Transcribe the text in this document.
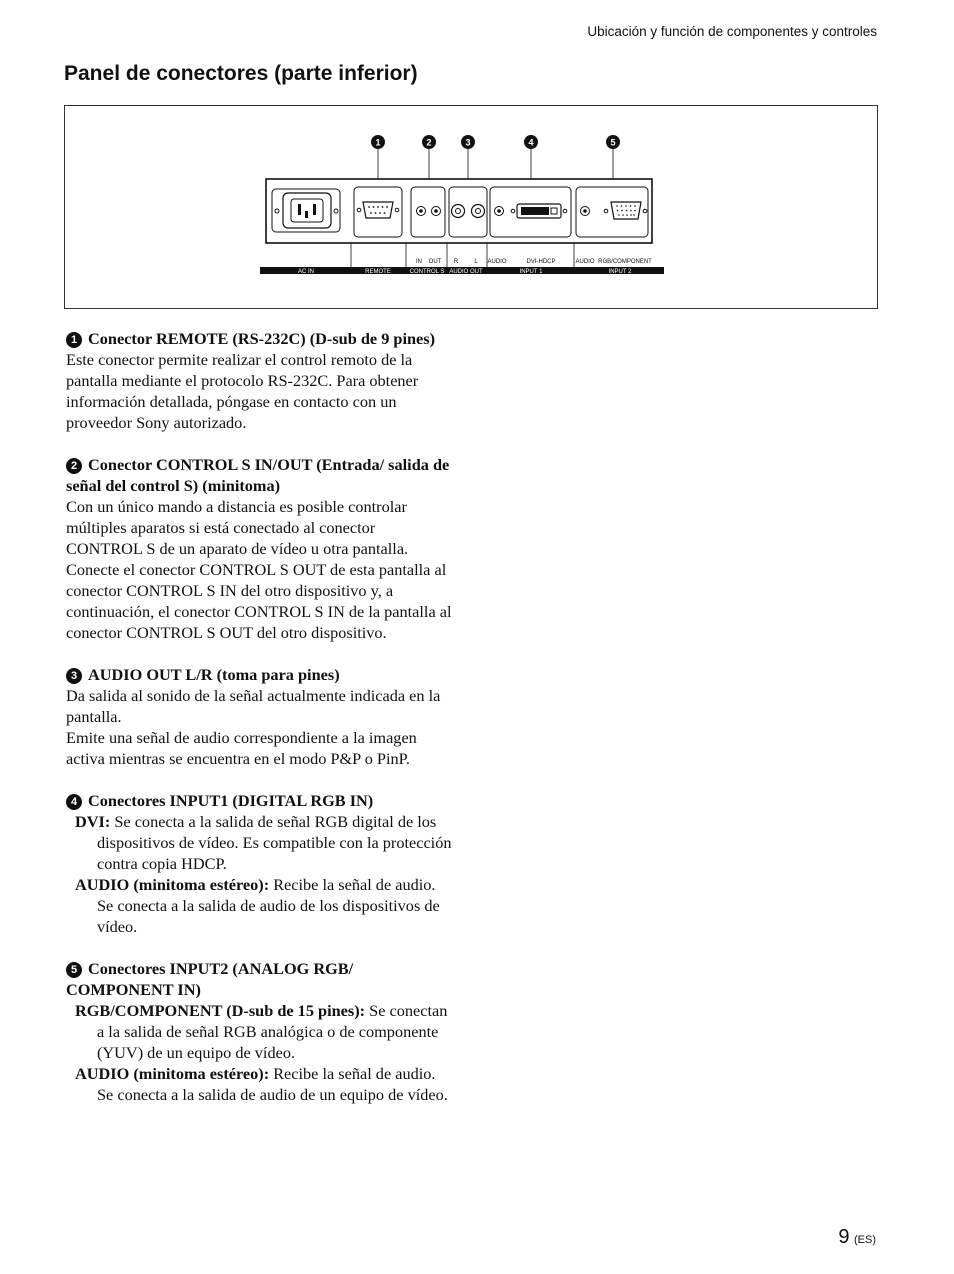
Ubicación y función de componentes y controles
Panel de conectores (parte inferior)
1	2	3	4	5
IN OUT R	L AUDIO	DVI-HDCP	AUDIO RGB/COMPONENT
AC IN	REMOTE	CONTROL S AUDIO OUT	INPUT 1	INPUT 2
1 Conector REMOTE (RS-232C) (D-sub de 9 pines)
Este conector permite realizar el control remoto de la pantalla mediante el protocolo RS-232C. Para obtener información detallada, póngase en contacto con un proveedor Sony autorizado.
2 Conector CONTROL S IN/OUT (Entrada/ salida de señal del control S) (minitoma)
Con un único mando a distancia es posible controlar múltiples aparatos si está conectado al conector CONTROL S de un aparato de vídeo u otra pantalla. Conecte el conector CONTROL S OUT de esta pantalla al conector CONTROL S IN del otro dispositivo y, a continuación, el conector CONTROL S IN de la pantalla al conector CONTROL S OUT del otro dispositivo.
3 AUDIO OUT L/R (toma para pines)
Da salida al sonido de la señal actualmente indicada en la pantalla.
Emite una señal de audio correspondiente a la imagen activa mientras se encuentra en el modo P&P o PinP.
4 Conectores INPUT1 (DIGITAL RGB IN)
DVI: Se conecta a la salida de señal RGB digital de los dispositivos de vídeo. Es compatible con la protección contra copia HDCP.
AUDIO (minitoma estéreo): Recibe la señal de audio. Se conecta a la salida de audio de los dispositivos de vídeo.
5 Conectores INPUT2 (ANALOG RGB/ COMPONENT IN)
RGB/COMPONENT (D-sub de 15 pines): Se conectan a la salida de señal RGB analógica o de componente (YUV) de un equipo de vídeo.
AUDIO (minitoma estéreo): Recibe la señal de audio. Se conecta a la salida de audio de un equipo de vídeo.
9 (ES)
